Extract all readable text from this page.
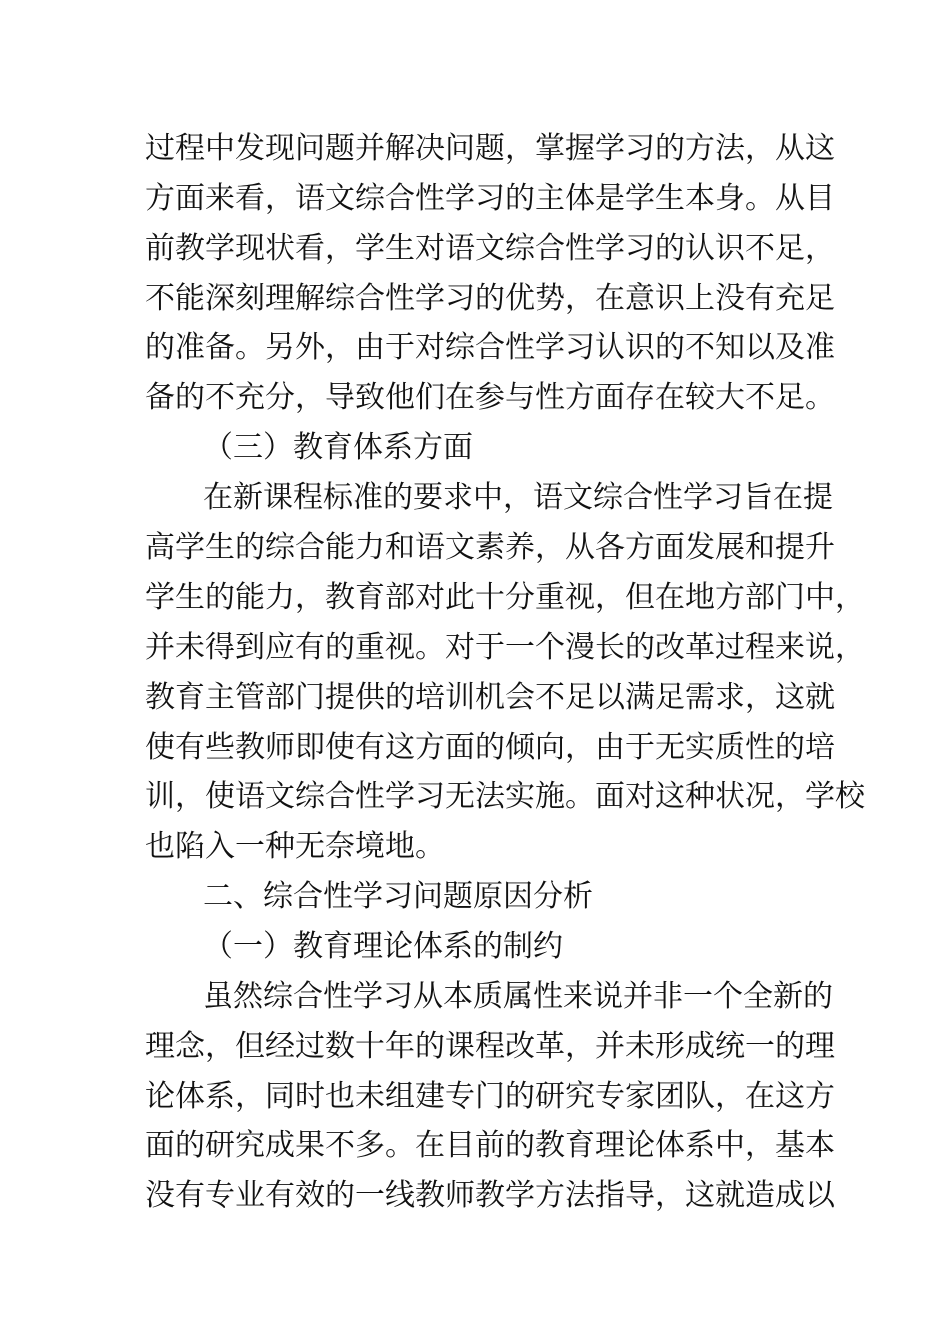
过程中发现问题并解决问题，掌握学习的方法，从这
方面来看，语文综合性学习的主体是学生本身。从目
前教学现状看，学生对语文综合性学习的认识不足，
不能深刻理解综合性学习的优势，在意识上没有充足
的准备。另外，由于对综合性学习认识的不知以及准
备的不充分，导致他们在参与性方面存在较大不足。
（三）教育体系方面
在新课程标准的要求中，语文综合性学习旨在提
高学生的综合能力和语文素养，从各方面发展和提升
学生的能力，教育部对此十分重视，但在地方部门中，
并未得到应有的重视。对于一个漫长的改革过程来说，
教育主管部门提供的培训机会不足以满足需求，这就
使有些教师即使有这方面的倾向，由于无实质性的培
训，使语文综合性学习无法实施。面对这种状况，学校
也陷入一种无奈境地。
二、综合性学习问题原因分析
（一）教育理论体系的制约
虽然综合性学习从本质属性来说并非一个全新的
理念，但经过数十年的课程改革，并未形成统一的理
论体系，同时也未组建专门的研究专家团队，在这方
面的研究成果不多。在目前的教育理论体系中，基本
没有专业有效的一线教师教学方法指导，这就造成以
